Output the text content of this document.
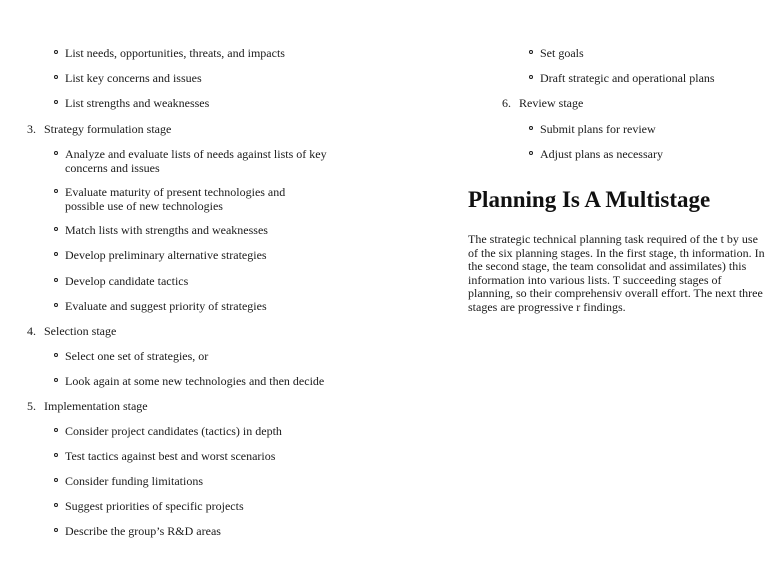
List needs, opportunities, threats, and impacts
List key concerns and issues
List strengths and weaknesses
3. Strategy formulation stage
Analyze and evaluate lists of needs against lists of key concerns and issues
Evaluate maturity of present technologies and possible use of new technologies
Match lists with strengths and weaknesses
Develop preliminary alternative strategies
Develop candidate tactics
Evaluate and suggest priority of strategies
4. Selection stage
Select one set of strategies, or
Look again at some new technologies and then decide
5. Implementation stage
Consider project candidates (tactics) in depth
Test tactics against best and worst scenarios
Consider funding limitations
Suggest priorities of specific projects
Describe the group’s R&D areas
Set goals
Draft strategic and operational plans
6. Review stage
Submit plans for review
Adjust plans as necessary
Planning Is A Multistage
The strategic technical planning task required of the t by use of the six planning stages. In the first stage, th information. In the second stage, the team consolidat and assimilates) this information into various lists. T succeeding stages of planning, so their comprehensiv overall effort. The next three stages are progressive r findings.
